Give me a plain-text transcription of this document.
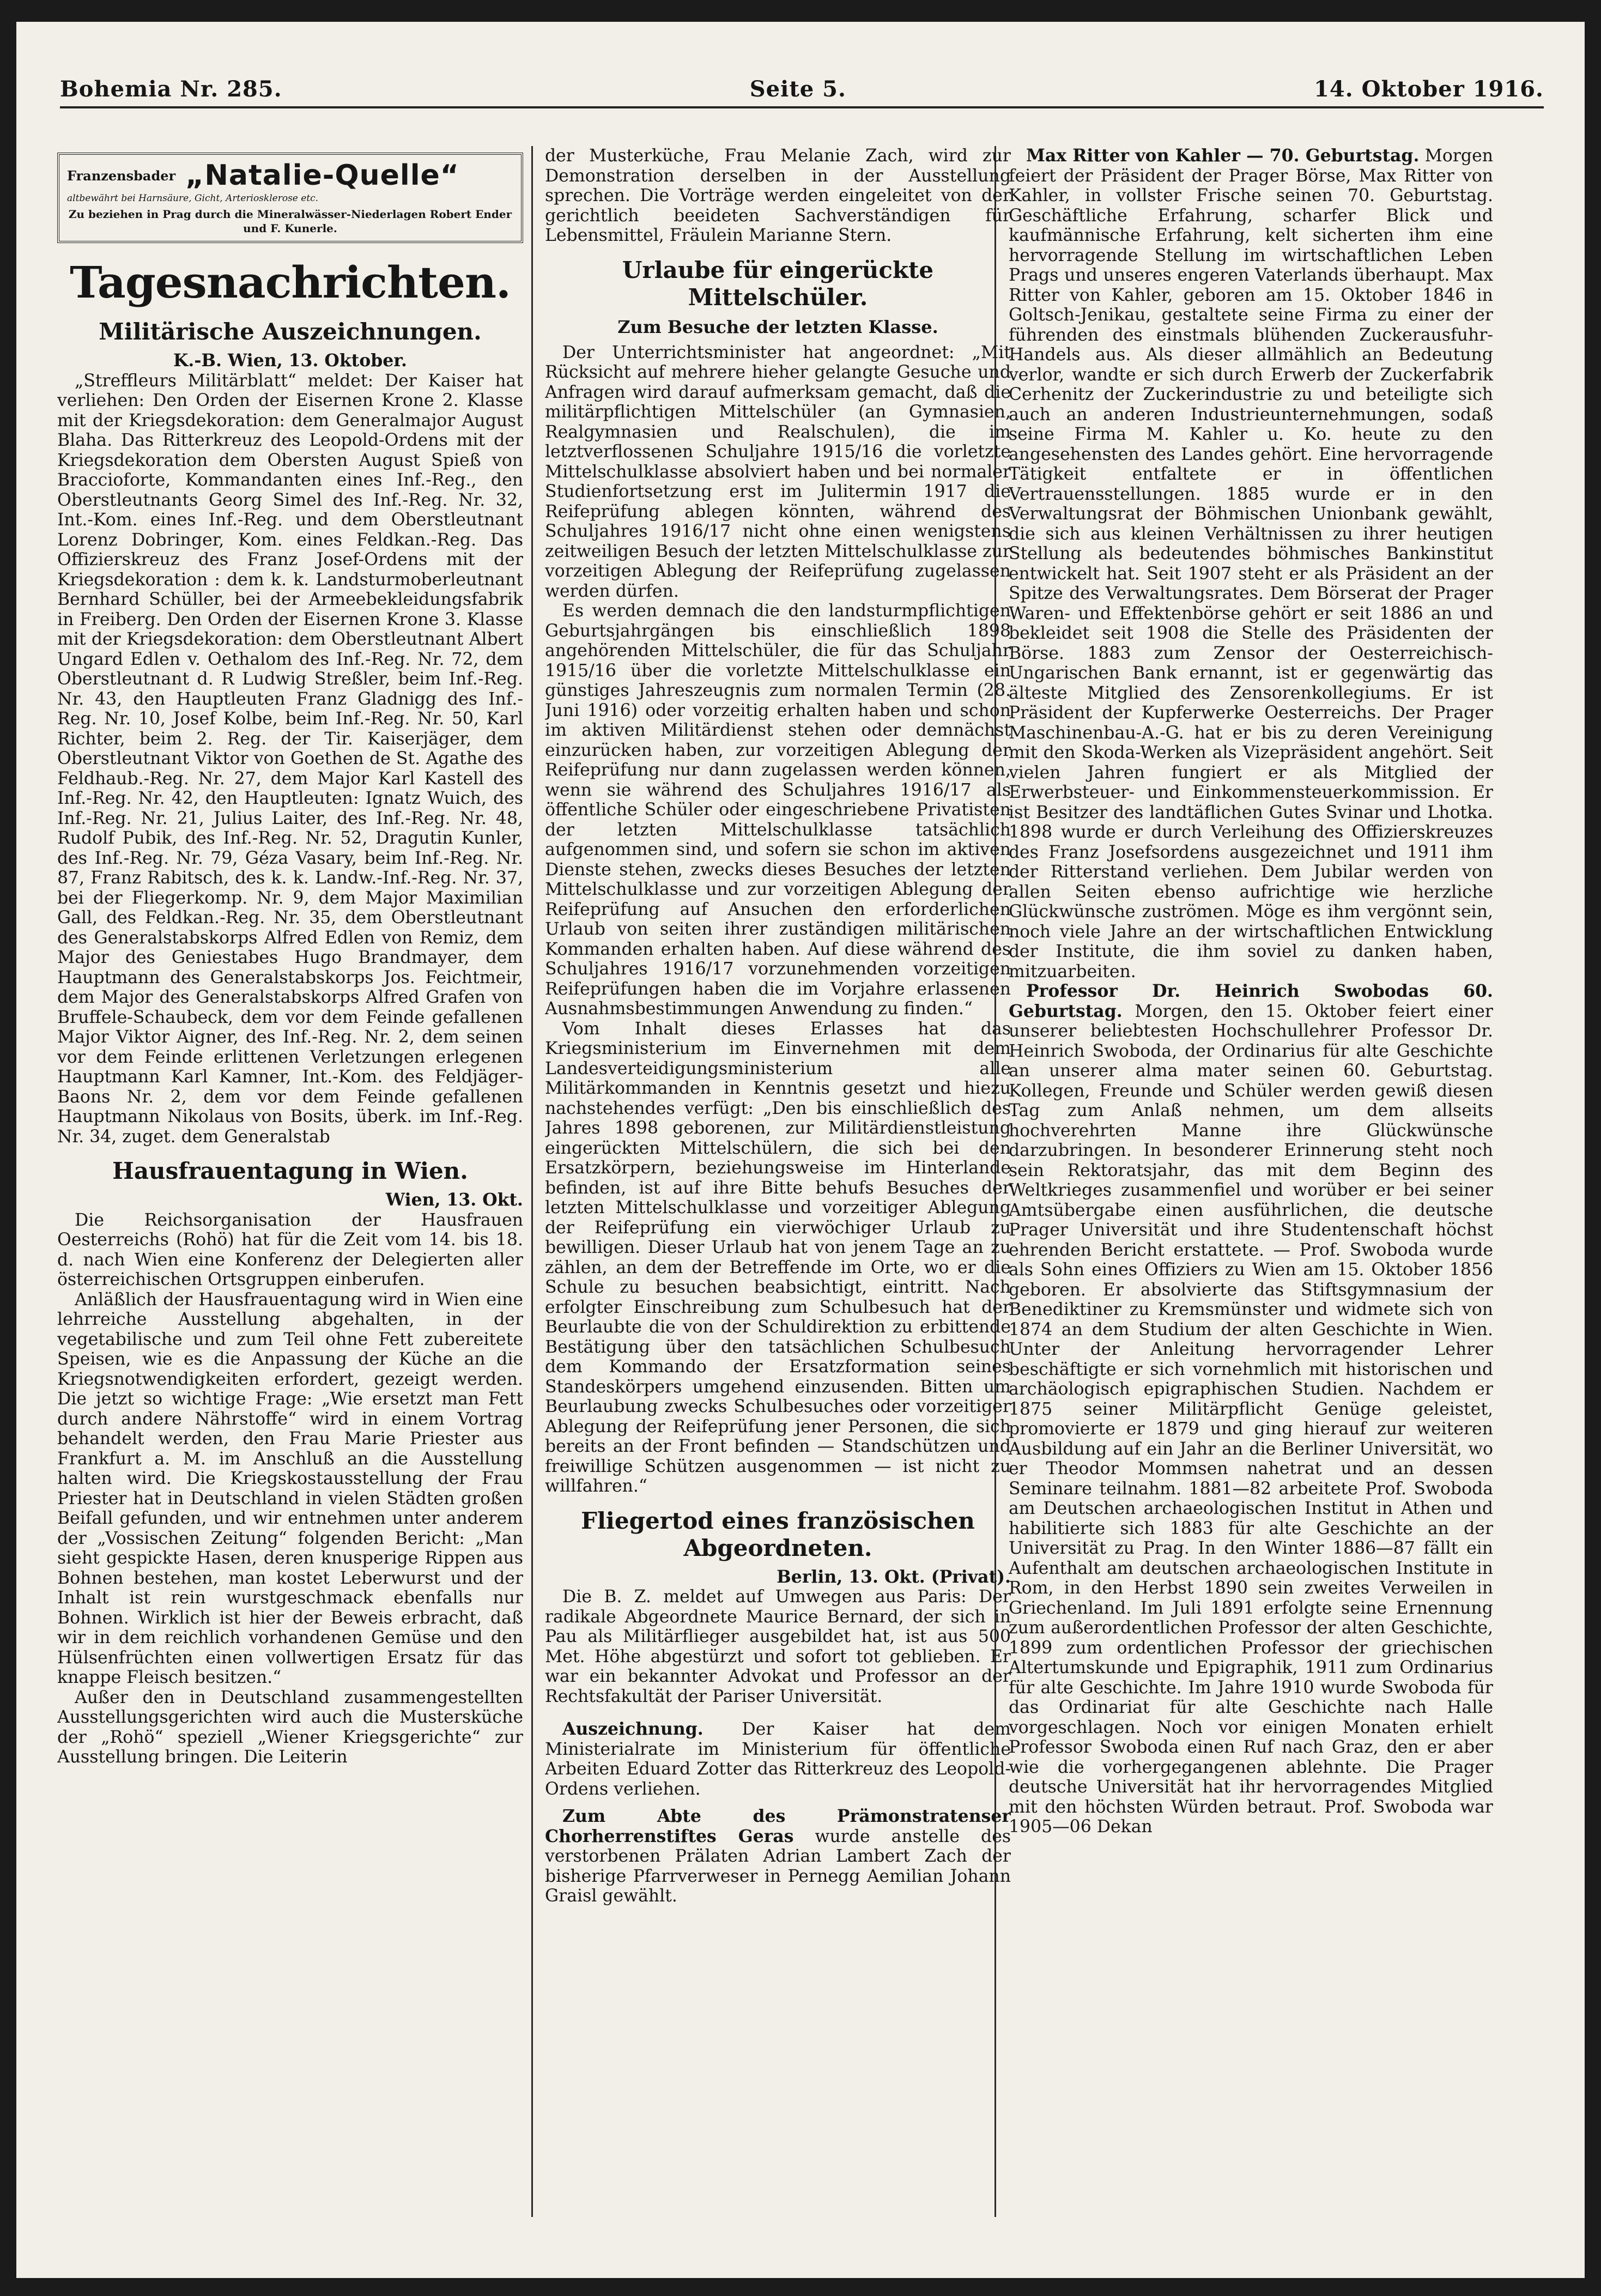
Bohemia Nr. 285.	Seite 5.	14. Oktober 1916.
Franzensbader „Natalie-Quelle“
altbewährt bei Harnsäure, Gicht, Arteriosklerose etc.
Zu beziehen in Prag durch die Mineralwässer-Niederlagen Robert Ender und F. Kunerle.
Tagesnachrichten.
Militärische Auszeichnungen.
K.-B. Wien, 13. Oktober.

„Streffleurs Militärblatt“ meldet: Der Kaiser hat verliehen: Den Orden der Eisernen Krone 2. Klasse mit der Kriegsdekoration: dem Generalmajor August Blaha. Das Ritterkreuz des Leopold-Ordens mit der Kriegsdekoration dem Obersten August Spieß von Braccioforte, Kommandanten eines Inf.-Reg., den Oberstleutnants Georg Simel des Inf.-Reg. Nr. 32, Int.-Kom. eines Inf.-Reg. und dem Oberstleutnant Lorenz Dobringer, Kom. eines Feldkan.-Reg. Das Offizierskreuz des Franz Josef-Ordens mit der Kriegsdekoration : dem k. k. Landsturmoberleutnant Bernhard Schüller, bei der Armeebekleidungsfabrik in Freiberg. Den Orden der Eisernen Krone 3. Klasse mit der Kriegsdekoration: dem Oberstleutnant Albert Ungard Edlen v. Oethalom des Inf.-Reg. Nr. 72, dem Oberstleutnant d. R Ludwig Streßler, beim Inf.-Reg. Nr. 43, den Hauptleuten Franz Gladnigg des Inf.-Reg. Nr. 10, Josef Kolbe, beim Inf.-Reg. Nr. 50, Karl Richter, beim 2. Reg. der Tir. Kaiserjäger, dem Oberstleutnant Viktor von Goethen de St. Agathe des Feldhaub.-Reg. Nr. 27, dem Major Karl Kastell des Inf.-Reg. Nr. 42, den Hauptleuten: Ignatz Wuich, des Inf.-Reg. Nr. 21, Julius Laiter, des Inf.-Reg. Nr. 48, Rudolf Pubik, des Inf.-Reg. Nr. 52, Dragutin Kunler, des Inf.-Reg. Nr. 79, Géza Vasary, beim Inf.-Reg. Nr. 87, Franz Rabitsch, des k. k. Landw.-Inf.-Reg. Nr. 37, bei der Fliegerkomp. Nr. 9, dem Major Maximilian Gall, des Feldkan.-Reg. Nr. 35, dem Oberstleutnant des Generalstabskorps Alfred Edlen von Remiz, dem Major des Geniestabes Hugo Brandmayer, dem Hauptmann des Generalstabskorps Jos. Feichtmeir, dem Major des Generalstabskorps Alfred Grafen von Bruffele-Schaubeck, dem vor dem Feinde gefallenen Major Viktor Aigner, des Inf.-Reg. Nr. 2, dem seinen vor dem Feinde erlittenen Verletzungen erlegenen Hauptmann Karl Kamner, Int.-Kom. des Feldjäger-Baons Nr. 2, dem vor dem Feinde gefallenen Hauptmann Nikolaus von Bosits, überk. im Inf.-Reg. Nr. 34, zuget. dem Generalstab

Hausfrauentagung in Wien.
Wien, 13. Okt.

Die Reichsorganisation der Hausfrauen Oesterreichs (Rohö) hat für die Zeit vom 14. bis 18. d. nach Wien eine Konferenz der Delegierten aller österreichischen Ortsgruppen einberufen.

Anläßlich der Hausfrauentagung wird in Wien eine lehrreiche Ausstellung abgehalten, in der vegetabilische und zum Teil ohne Fett zubereitete Speisen, wie es die Anpassung der Küche an die Kriegsnotwendigkeiten erfordert, gezeigt werden. Die jetzt so wichtige Frage: „Wie ersetzt man Fett durch andere Nährstoffe“ wird in einem Vortrag behandelt werden, den Frau Marie Priester aus Frankfurt a. M. im Anschluß an die Ausstellung halten wird. Die Kriegskostausstellung der Frau Priester hat in Deutschland in vielen Städten großen Beifall gefunden, und wir entnehmen unter anderem der „Vossischen Zeitung“ folgenden Bericht: „Man sieht gespickte Hasen, deren knusperige Rippen aus Bohnen bestehen, man kostet Leberwurst und der Inhalt ist rein wurstgeschmack ebenfalls nur Bohnen. Wirklich ist hier der Beweis erbracht, daß wir in dem reichlich vorhandenen Gemüse und den Hülsenfrüchten einen vollwertigen Ersatz für das knappe Fleisch besitzen.“

Außer den in Deutschland zusammengestellten Ausstellungsgerichten wird auch die Mustersküche der „Rohö“ speziell „Wiener Kriegsgerichte“ zur Ausstellung bringen. Die Leiterin

der Musterküche, Frau Melanie Zach, wird zur Demonstration derselben in der Ausstellung sprechen. Die Vorträge werden eingeleitet von der gerichtlich beeideten Sachverständigen für Lebensmittel, Fräulein Marianne Stern.

Urlaube für eingerückte Mittelschüler.
Zum Besuche der letzten Klasse.

Der Unterrichtsminister hat angeordnet: „Mit Rücksicht auf mehrere hieher gelangte Gesuche und Anfragen wird darauf aufmerksam gemacht, daß die militärpflichtigen Mittelschüler (an Gymnasien, Realgymnasien und Realschulen), die im letztverflossenen Schuljahre 1915/16 die vorletzte Mittelschulklasse absolviert haben und bei normaler Studienfortsetzung erst im Julitermin 1917 die Reifeprüfung ablegen könnten, während des Schuljahres 1916/17 nicht ohne einen wenigstens zeitweiligen Besuch der letzten Mittelschulklasse zur vorzeitigen Ablegung der Reifeprüfung zugelassen werden dürfen.

Es werden demnach die den landsturmpflichtigen Geburtsjahrgängen bis einschließlich 1898 angehörenden Mittelschüler, die für das Schuljahr 1915/16 über die vorletzte Mittelschulklasse ein günstiges Jahreszeugnis zum normalen Termin (28. Juni 1916) oder vorzeitig erhalten haben und schon im aktiven Militärdienst stehen oder demnächst einzurücken haben, zur vorzeitigen Ablegung der Reifeprüfung nur dann zugelassen werden können, wenn sie während des Schuljahres 1916/17 als öffentliche Schüler oder eingeschriebene Privatisten der letzten Mittelschulklasse tatsächlich aufgenommen sind, und sofern sie schon im aktiven Dienste stehen, zwecks dieses Besuches der letzten Mittelschulklasse und zur vorzeitigen Ablegung der Reifeprüfung auf Ansuchen den erforderlichen Urlaub von seiten ihrer zuständigen militärischen Kommanden erhalten haben. Auf diese während des Schuljahres 1916/17 vorzunehmenden vorzeitigen Reifeprüfungen haben die im Vorjahre erlassenen Ausnahmsbestimmungen Anwendung zu finden.“

Vom Inhalt dieses Erlasses hat das Kriegsministerium im Einvernehmen mit dem Landesverteidigungsministerium alle Militärkommanden in Kenntnis gesetzt und hiezu nachstehendes verfügt: „Den bis einschließlich des Jahres 1898 geborenen, zur Militärdienstleistung eingerückten Mittelschülern, die sich bei den Ersatzkörpern, beziehungsweise im Hinterlande befinden, ist auf ihre Bitte behufs Besuches der letzten Mittelschulklasse und vorzeitiger Ablegung der Reifeprüfung ein vierwöchiger Urlaub zu bewilligen. Dieser Urlaub hat von jenem Tage an zu zählen, an dem der Betreffende im Orte, wo er die Schule zu besuchen beabsichtigt, eintritt. Nach erfolgter Einschreibung zum Schulbesuch hat der Beurlaubte die von der Schuldirektion zu erbittende Bestätigung über den tatsächlichen Schulbesuch dem Kommando der Ersatzformation seines Standeskörpers umgehend einzusenden. Bitten um Beurlaubung zwecks Schulbesuches oder vorzeitiger Ablegung der Reifeprüfung jener Personen, die sich bereits an der Front befinden — Standschützen und freiwillige Schützen ausgenommen — ist nicht zu willfahren.“

Fliegertod eines französischen Abgeordneten.
Berlin, 13. Okt. (Privat).

Die B. Z. meldet auf Umwegen aus Paris: Der radikale Abgeordnete Maurice Bernard, der sich in Pau als Militärflieger ausgebildet hat, ist aus 500 Met. Höhe abgestürzt und sofort tot geblieben. Er war ein bekannter Advokat und Professor an der Rechtsfakultät der Pariser Universität.

Auszeichnung. Der Kaiser hat dem Ministerialrate im Ministerium für öffentliche Arbeiten Eduard Zotter das Ritterkreuz des Leopold-Ordens verliehen.

Zum Abte des Prämonstratenser Chorherrenstiftes Geras wurde anstelle des verstorbenen Prälaten Adrian Lambert Zach der bisherige Pfarrverweser in Pernegg Aemilian Johann Graisl gewählt.

Max Ritter von Kahler — 70. Geburtstag. Morgen feiert der Präsident der Prager Börse, Max Ritter von Kahler, in vollster Frische seinen 70. Geburtstag. Geschäftliche Erfahrung, scharfer Blick und kaufmännische Erfahrung, kelt sicherten ihm eine hervorragende Stellung im wirtschaftlichen Leben Prags und unseres engeren Vaterlands überhaupt. Max Ritter von Kahler, geboren am 15. Oktober 1846 in Goltsch-Jenikau, gestaltete seine Firma zu einer der führenden des einstmals blühenden Zuckerausfuhr-Handels aus. Als dieser allmählich an Bedeutung verlor, wandte er sich durch Erwerb der Zuckerfabrik Cerhenitz der Zuckerindustrie zu und beteiligte sich auch an anderen Industrieunternehmungen, sodaß seine Firma M. Kahler u. Ko. heute zu den angesehensten des Landes gehört. Eine hervorragende Tätigkeit entfaltete er in öffentlichen Vertrauensstellungen. 1885 wurde er in den Verwaltungsrat der Böhmischen Unionbank gewählt, die sich aus kleinen Verhältnissen zu ihrer heutigen Stellung als bedeutendes böhmisches Bankinstitut entwickelt hat. Seit 1907 steht er als Präsident an der Spitze des Verwaltungsrates. Dem Börserat der Prager Waren- und Effektenbörse gehört er seit 1886 an und bekleidet seit 1908 die Stelle des Präsidenten der Börse. 1883 zum Zensor der Oesterreichisch-Ungarischen Bank ernannt, ist er gegenwärtig das älteste Mitglied des Zensorenkollegiums. Er ist Präsident der Kupferwerke Oesterreichs. Der Prager Maschinenbau-A.-G. hat er bis zu deren Vereinigung mit den Skoda-Werken als Vizepräsident angehört. Seit vielen Jahren fungiert er als Mitglied der Erwerbsteuer- und Einkommensteuerkommission. Er ist Besitzer des landtäflichen Gutes Svinar und Lhotka. 1898 wurde er durch Verleihung des Offizierskreuzes des Franz Josefsordens ausgezeichnet und 1911 ihm der Ritterstand verliehen. Dem Jubilar werden von allen Seiten ebenso aufrichtige wie herzliche Glückwünsche zuströmen. Möge es ihm vergönnt sein, noch viele Jahre an der wirtschaftlichen Entwicklung der Institute, die ihm soviel zu danken haben, mitzuarbeiten.

Professor Dr. Heinrich Swobodas 60. Geburtstag. Morgen, den 15. Oktober feiert einer unserer beliebtesten Hochschullehrer Professor Dr. Heinrich Swoboda, der Ordinarius für alte Geschichte an unserer alma mater seinen 60. Geburtstag. Kollegen, Freunde und Schüler werden gewiß diesen Tag zum Anlaß nehmen, um dem allseits hochverehrten Manne ihre Glückwünsche darzubringen. In besonderer Erinnerung steht noch sein Rektoratsjahr, das mit dem Beginn des Weltkrieges zusammenfiel und worüber er bei seiner Amtsübergabe einen ausführlichen, die deutsche Prager Universität und ihre Studentenschaft höchst ehrenden Bericht erstattete. — Prof. Swoboda wurde als Sohn eines Offiziers zu Wien am 15. Oktober 1856 geboren. Er absolvierte das Stiftsgymnasium der Benediktiner zu Kremsmünster und widmete sich von 1874 an dem Studium der alten Geschichte in Wien. Unter der Anleitung hervorragender Lehrer beschäftigte er sich vornehmlich mit historischen und archäologisch epigraphischen Studien. Nachdem er 1875 seiner Militärpflicht Genüge geleistet, promovierte er 1879 und ging hierauf zur weiteren Ausbildung auf ein Jahr an die Berliner Universität, wo er Theodor Mommsen nahetrat und an dessen Seminare teilnahm. 1881—82 arbeitete Prof. Swoboda am Deutschen archaeologischen Institut in Athen und habilitierte sich 1883 für alte Geschichte an der Universität zu Prag. In den Winter 1886—87 fällt ein Aufenthalt am deutschen archaeologischen Institute in Rom, in den Herbst 1890 sein zweites Verweilen in Griechenland. Im Juli 1891 erfolgte seine Ernennung zum außerordentlichen Professor der alten Geschichte, 1899 zum ordentlichen Professor der griechischen Altertumskunde und Epigraphik, 1911 zum Ordinarius für alte Geschichte. Im Jahre 1910 wurde Swoboda für das Ordinariat für alte Geschichte nach Halle vorgeschlagen. Noch vor einigen Monaten erhielt Professor Swoboda einen Ruf nach Graz, den er aber wie die vorhergegangenen ablehnte. Die Prager deutsche Universität hat ihr hervorragendes Mitglied mit den höchsten Würden betraut. Prof. Swoboda war 1905—06 Dekan
